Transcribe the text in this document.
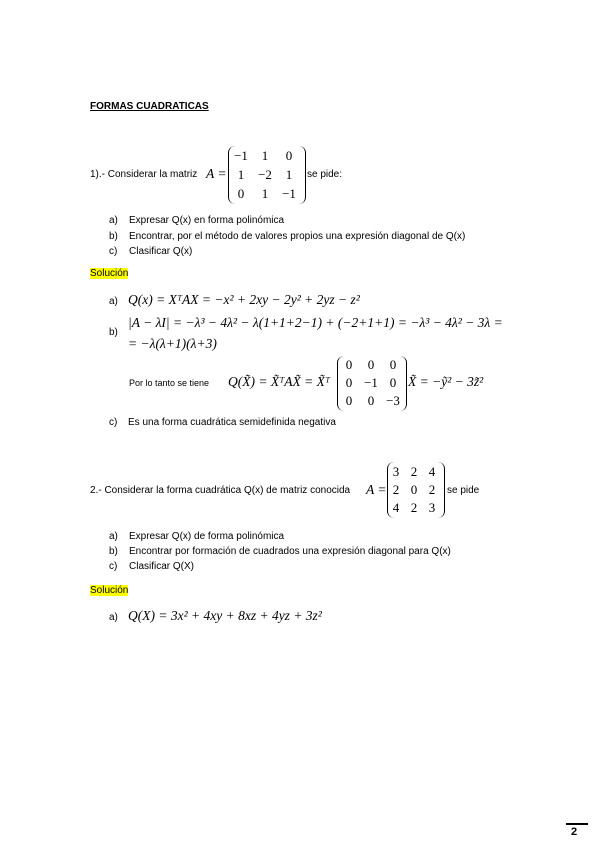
FORMAS CUADRATICAS
1).- Considerar la matriz A =
−1	1	0
1	−2	1
0	1	−1
se pide:
a) Expresar Q(x) en forma polinómica
b) Encontrar, por el método de valores propios una expresión diagonal de Q(x)
c) Clasificar Q(x)
Solución
a) Q(x) = XᵀAX = −x² + 2xy − 2y² + 2yz − z²
b)
|A − λI| = −λ³ − 4λ² − λ(1+1+2−1) + (−2+1+1) = −λ³ − 4λ² − 3λ =
= −λ(λ+1)(λ+3)
Por lo tanto se tiene Q(X̃) = X̃ᵀAX̃ = X̃ᵀ
0	0	0
0 −1 0
0	0 −3
X̃ = −ỹ² − 3z̃²
c) Es una forma cuadrática semidefinida negativa
2.- Considerar la forma cuadrática Q(x) de matriz conocida A =
3 2 4
2 0 2
4 2 3
se pide
a) Expresar Q(x) de forma polinómica
b) Encontrar por formación de cuadrados una expresión diagonal para Q(x)
c) Clasificar Q(X)
Solución
a) Q(X) = 3x² + 4xy + 8xz + 4yz + 3z²
2
